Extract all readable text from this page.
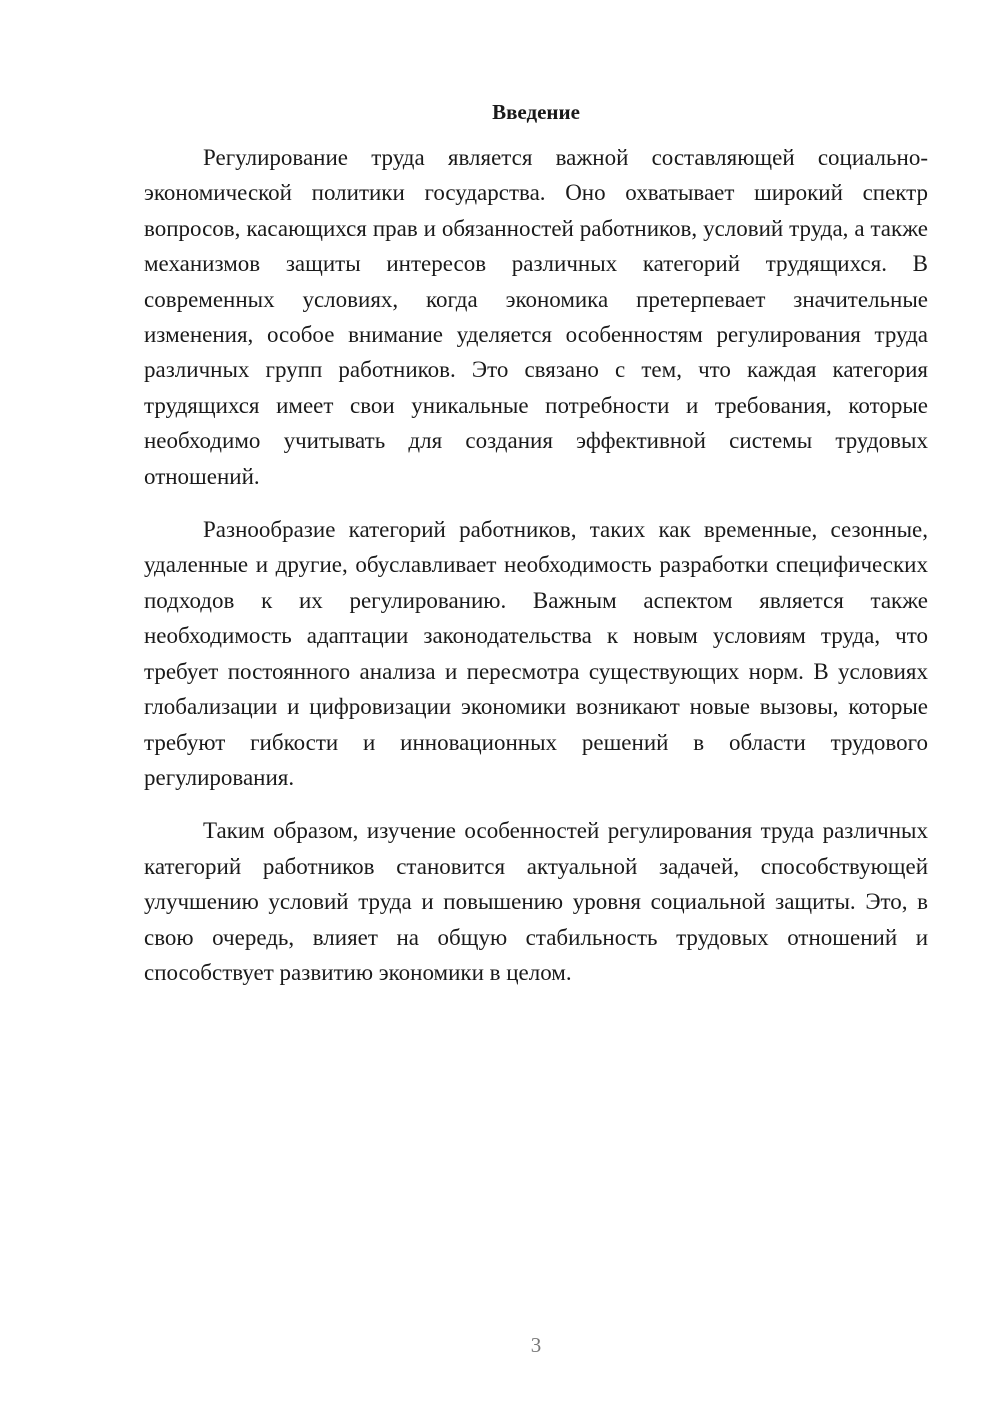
Введение

Регулирование труда является важной составляющей социально-экономической политики государства. Оно охватывает широкий спектр вопросов, касающихся прав и обязанностей работников, условий труда, а также механизмов защиты интересов различных категорий трудящихся. В современных условиях, когда экономика претерпевает значительные изменения, особое внимание уделяется особенностям регулирования труда различных групп работников. Это связано с тем, что каждая категория трудящихся имеет свои уникальные потребности и требования, которые необходимо учитывать для создания эффективной системы трудовых отношений.

Разнообразие категорий работников, таких как временные, сезонные, удаленные и другие, обуславливает необходимость разработки специфических подходов к их регулированию. Важным аспектом является также необходимость адаптации законодательства к новым условиям труда, что требует постоянного анализа и пересмотра существующих норм. В условиях глобализации и цифровизации экономики возникают новые вызовы, которые требуют гибкости и инновационных решений в области трудового регулирования.

Таким образом, изучение особенностей регулирования труда различных категорий работников становится актуальной задачей, способствующей улучшению условий труда и повышению уровня социальной защиты. Это, в свою очередь, влияет на общую стабильность трудовых отношений и способствует развитию экономики в целом.

3
